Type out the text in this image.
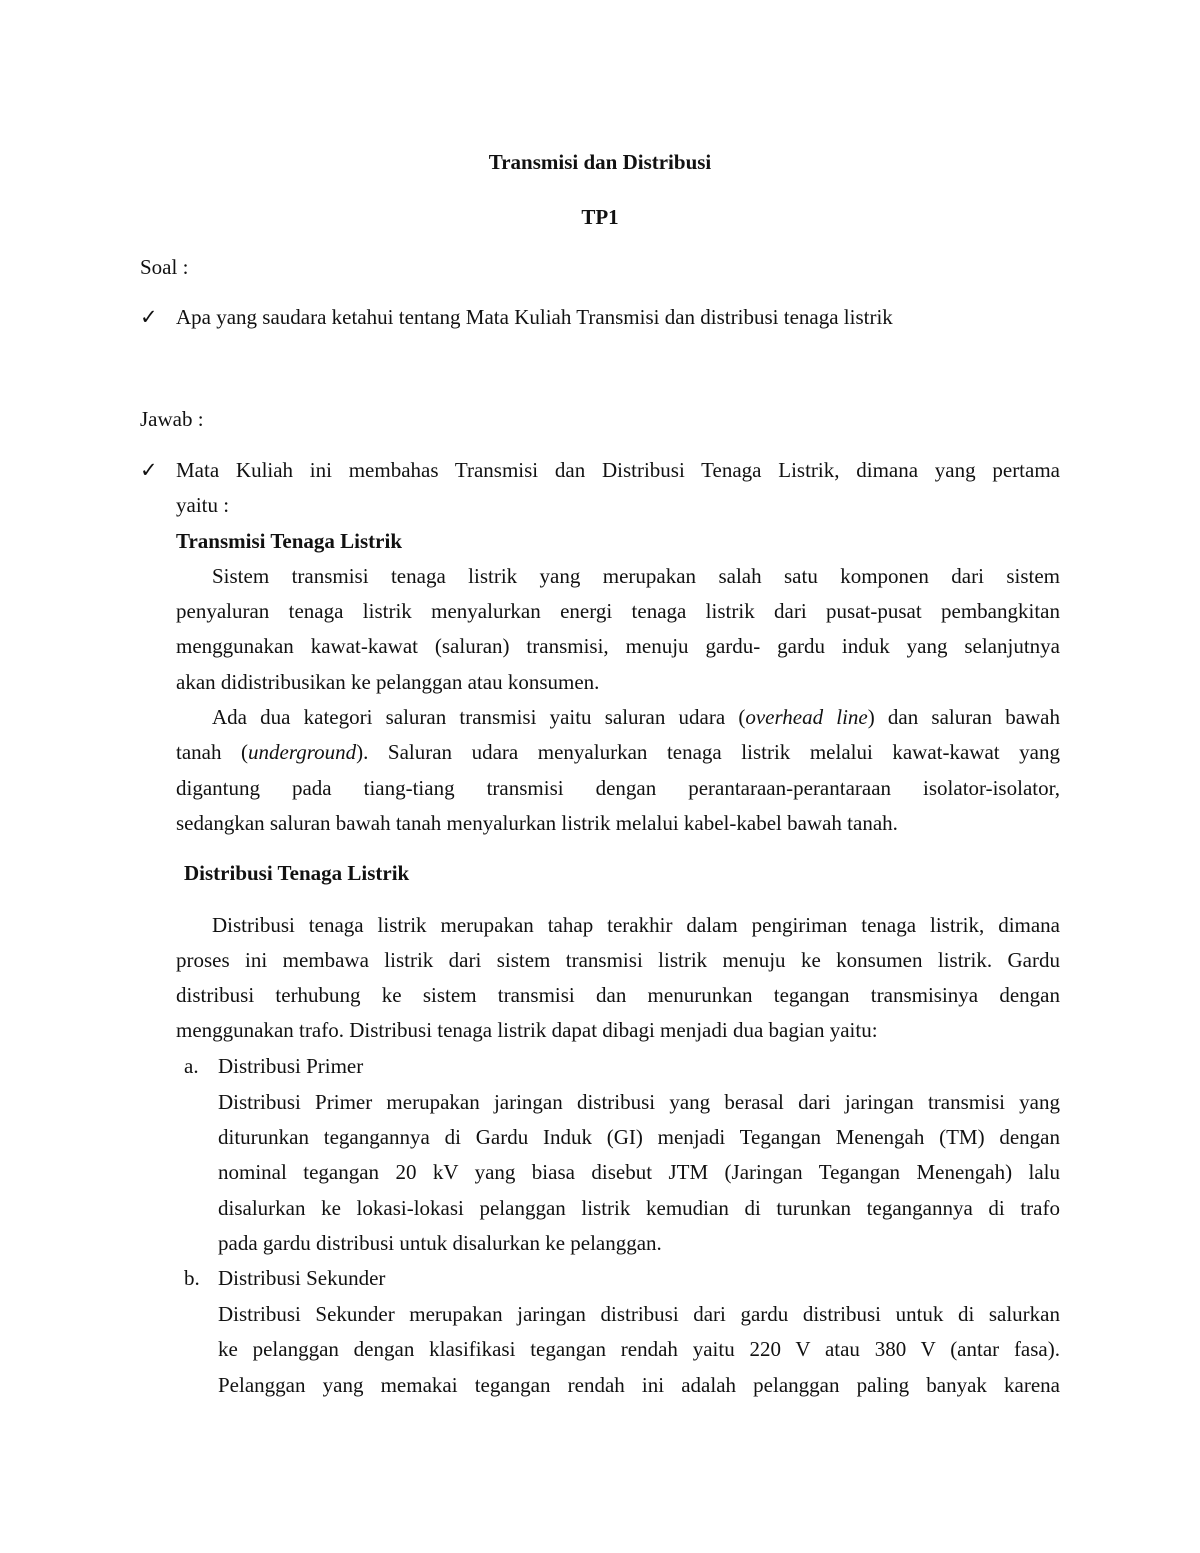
Transmisi dan Distribusi
TP1
Soal :
✓ Apa yang saudara ketahui tentang Mata Kuliah Transmisi dan distribusi tenaga listrik
Jawab :
✓ Mata Kuliah ini membahas Transmisi dan Distribusi Tenaga Listrik, dimana yang pertama
yaitu :
Transmisi Tenaga Listrik
Sistem transmisi tenaga listrik yang merupakan salah satu komponen dari sistem
penyaluran tenaga listrik menyalurkan energi tenaga listrik dari pusat-pusat pembangkitan
menggunakan kawat-kawat (saluran) transmisi, menuju gardu- gardu induk yang selanjutnya
akan didistribusikan ke pelanggan atau konsumen.
Ada dua kategori saluran transmisi yaitu saluran udara (overhead line) dan saluran bawah
tanah (underground). Saluran udara menyalurkan tenaga listrik melalui kawat-kawat yang
digantung pada tiang-tiang transmisi dengan perantaraan-perantaraan isolator-isolator,
sedangkan saluran bawah tanah menyalurkan listrik melalui kabel-kabel bawah tanah.
Distribusi Tenaga Listrik
Distribusi tenaga listrik merupakan tahap terakhir dalam pengiriman tenaga listrik, dimana
proses ini membawa listrik dari sistem transmisi listrik menuju ke konsumen listrik. Gardu
distribusi terhubung ke sistem transmisi dan menurunkan tegangan transmisinya dengan
menggunakan trafo. Distribusi tenaga listrik dapat dibagi menjadi dua bagian yaitu:
a. Distribusi Primer
Distribusi Primer merupakan jaringan distribusi yang berasal dari jaringan transmisi yang
diturunkan tegangannya di Gardu Induk (GI) menjadi Tegangan Menengah (TM) dengan
nominal tegangan 20 kV yang biasa disebut JTM (Jaringan Tegangan Menengah) lalu
disalurkan ke lokasi-lokasi pelanggan listrik kemudian di turunkan tegangannya di trafo
pada gardu distribusi untuk disalurkan ke pelanggan.
b. Distribusi Sekunder
Distribusi Sekunder merupakan jaringan distribusi dari gardu distribusi untuk di salurkan
ke pelanggan dengan klasifikasi tegangan rendah yaitu 220 V atau 380 V (antar fasa).
Pelanggan yang memakai tegangan rendah ini adalah pelanggan paling banyak karena
